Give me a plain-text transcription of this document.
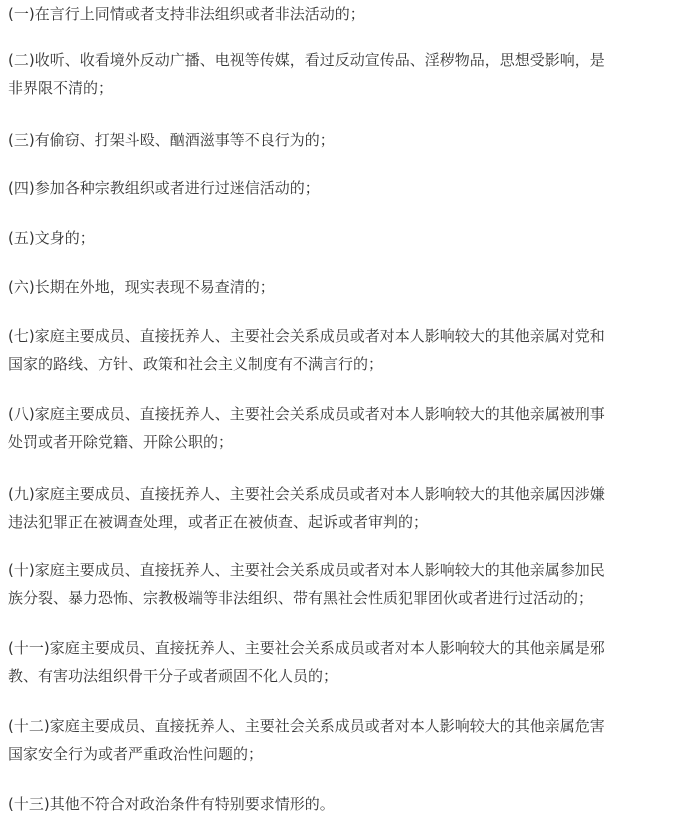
(一)在言行上同情或者支持非法组织或者非法活动的；

(二)收听、收看境外反动广播、电视等传媒，看过反动宣传品、淫秽物品，思想受影响，是
非界限不清的；

(三)有偷窃、打架斗殴、酗酒滋事等不良行为的；

(四)参加各种宗教组织或者进行过迷信活动的；

(五)文身的；

(六)长期在外地，现实表现不易查清的；

(七)家庭主要成员、直接抚养人、主要社会关系成员或者对本人影响较大的其他亲属对党和
国家的路线、方针、政策和社会主义制度有不满言行的；

(八)家庭主要成员、直接抚养人、主要社会关系成员或者对本人影响较大的其他亲属被刑事
处罚或者开除党籍、开除公职的；

(九)家庭主要成员、直接抚养人、主要社会关系成员或者对本人影响较大的其他亲属因涉嫌
违法犯罪正在被调查处理，或者正在被侦查、起诉或者审判的；

(十)家庭主要成员、直接抚养人、主要社会关系成员或者对本人影响较大的其他亲属参加民
族分裂、暴力恐怖、宗教极端等非法组织、带有黑社会性质犯罪团伙或者进行过活动的；

(十一)家庭主要成员、直接抚养人、主要社会关系成员或者对本人影响较大的其他亲属是邪
教、有害功法组织骨干分子或者顽固不化人员的；

(十二)家庭主要成员、直接抚养人、主要社会关系成员或者对本人影响较大的其他亲属危害
国家安全行为或者严重政治性问题的；

(十三)其他不符合对政治条件有特别要求情形的。
